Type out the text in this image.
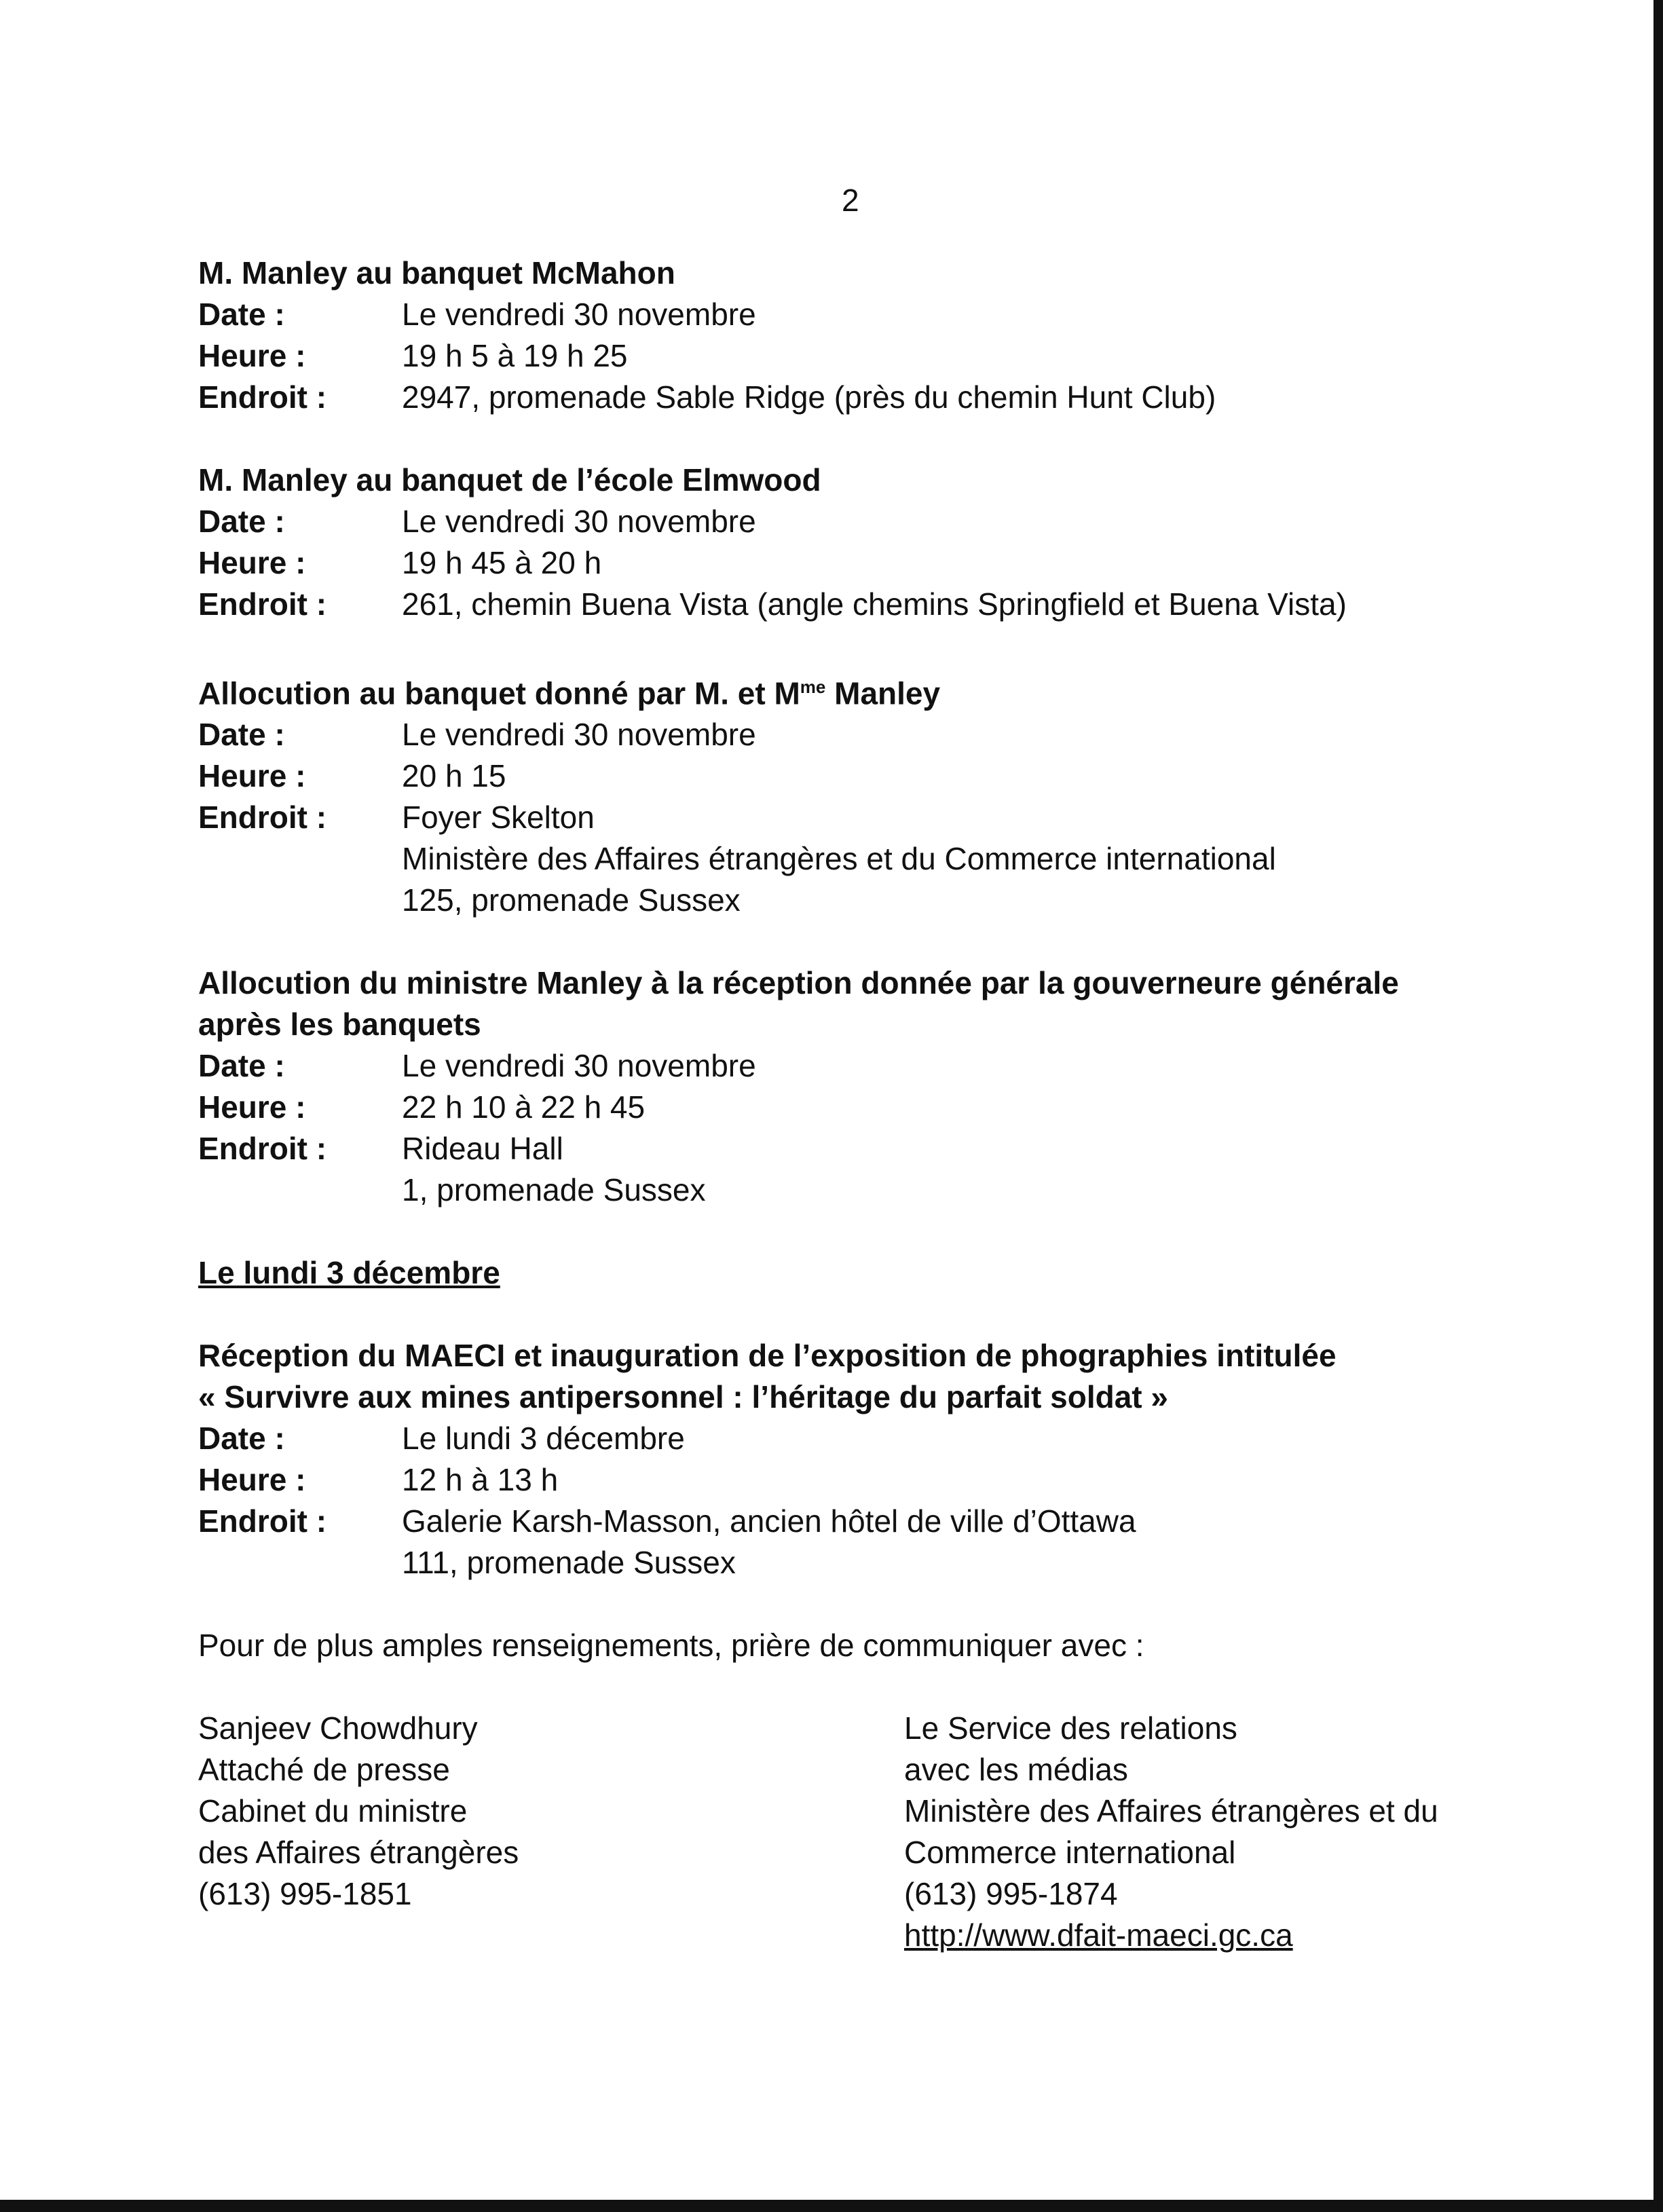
2
M. Manley au banquet McMahon
Date :	Le vendredi 30 novembre
Heure :	19 h 5 à 19 h 25
Endroit :	2947, promenade Sable Ridge (près du chemin Hunt Club)
M. Manley au banquet de l’école Elmwood
Date :	Le vendredi 30 novembre
Heure :	19 h 45 à 20 h
Endroit :	261, chemin Buena Vista (angle chemins Springfield et Buena Vista)
Allocution au banquet donné par M. et $M^{me}$ Manley
Date :	Le vendredi 30 novembre
Heure :	20 h 15
Endroit :	Foyer Skelton
Ministère des Affaires étrangères et du Commerce international
125, promenade Sussex
Allocution du ministre Manley à la réception donnée par la gouverneure générale
après les banquets
Date :	Le vendredi 30 novembre
Heure :	22 h 10 à 22 h 45
Endroit :	Rideau Hall
1, promenade Sussex
Le lundi 3 décembre
Réception du MAECI et inauguration de l’exposition de phographies intitulée
« Survivre aux mines antipersonnel : l’héritage du parfait soldat »
Date :	Le lundi 3 décembre
Heure :	12 h à 13 h
Endroit :	Galerie Karsh-Masson, ancien hôtel de ville d’Ottawa
111, promenade Sussex
Pour de plus amples renseignements, prière de communiquer avec :
Sanjeev Chowdhury
Attaché de presse
Cabinet du ministre
des Affaires étrangères
(613) 995-1851
Le Service des relations
avec les médias
Ministère des Affaires étrangères et du
Commerce international
(613) 995-1874
http://www.dfait-maeci.gc.ca
